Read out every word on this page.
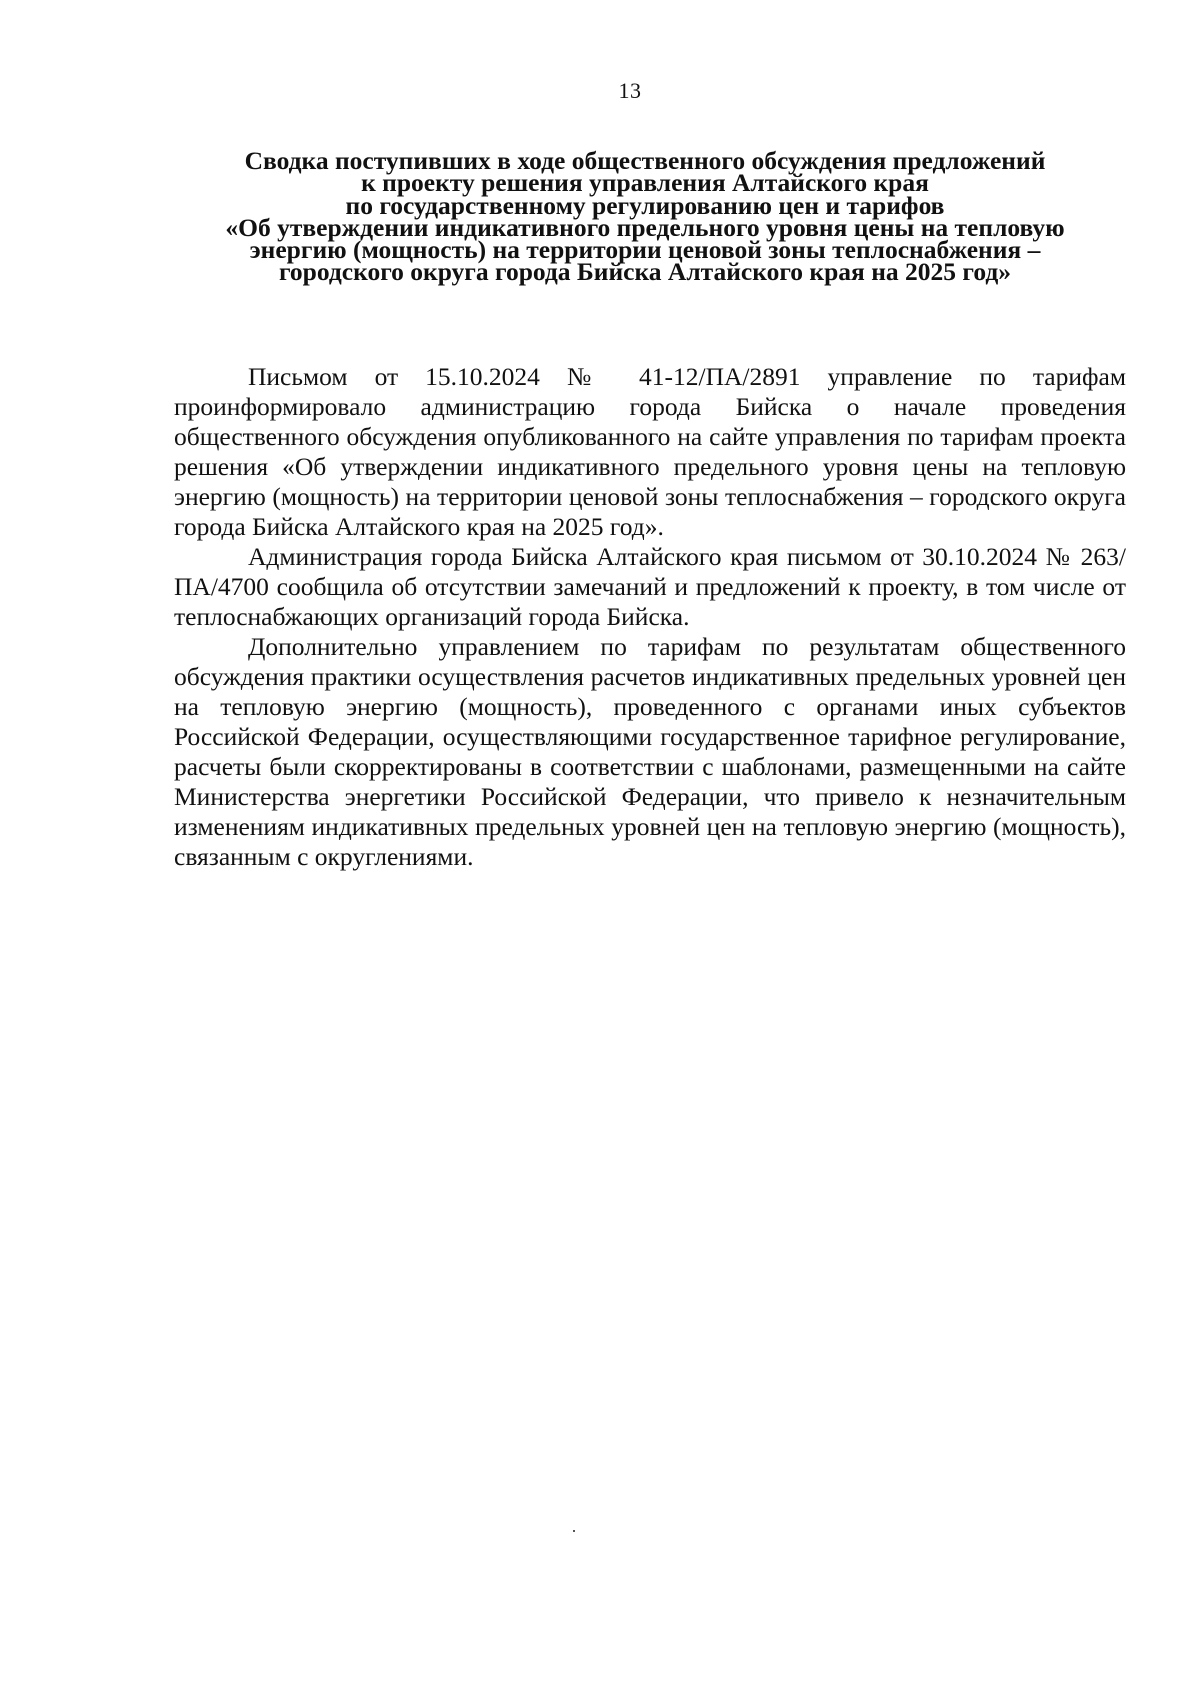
13
Сводка поступивших в ходе общественного обсуждения предложений
к проекту решения управления Алтайского края
по государственному регулированию цен и тарифов
«Об утверждении индикативного предельного уровня цены на тепловую
энергию (мощность) на территории ценовой зоны теплоснабжения –
городского округа города Бийска Алтайского края на 2025 год»

Письмом от 15.10.2024 № 41-12/ПА/2891 управление по тарифам проинформировало администрацию города Бийска о начале проведения общественного обсуждения опубликованного на сайте управления по тарифам проекта решения «Об утверждении индикативного предельного уровня цены на тепловую энергию (мощность) на территории ценовой зоны теплоснабжения – городского округа города Бийска Алтайского края на 2025 год».

Администрация города Бийска Алтайского края письмом от 30.10.2024 № 263/ПА/4700 сообщила об отсутствии замечаний и предложений к проекту, в том числе от теплоснабжающих организаций города Бийска.

Дополнительно управлением по тарифам по результатам общественного обсуждения практики осуществления расчетов индикативных предельных уровней цен на тепловую энергию (мощность), проведенного с органами иных субъектов Российской Федерации, осуществляющими государственное тарифное регулирование, расчеты были скорректированы в соответствии с шаблонами, размещенными на сайте Министерства энергетики Российской Федерации, что привело к незначительным изменениям индикативных предельных уровней цен на тепловую энергию (мощность), связанным с округлениями.
